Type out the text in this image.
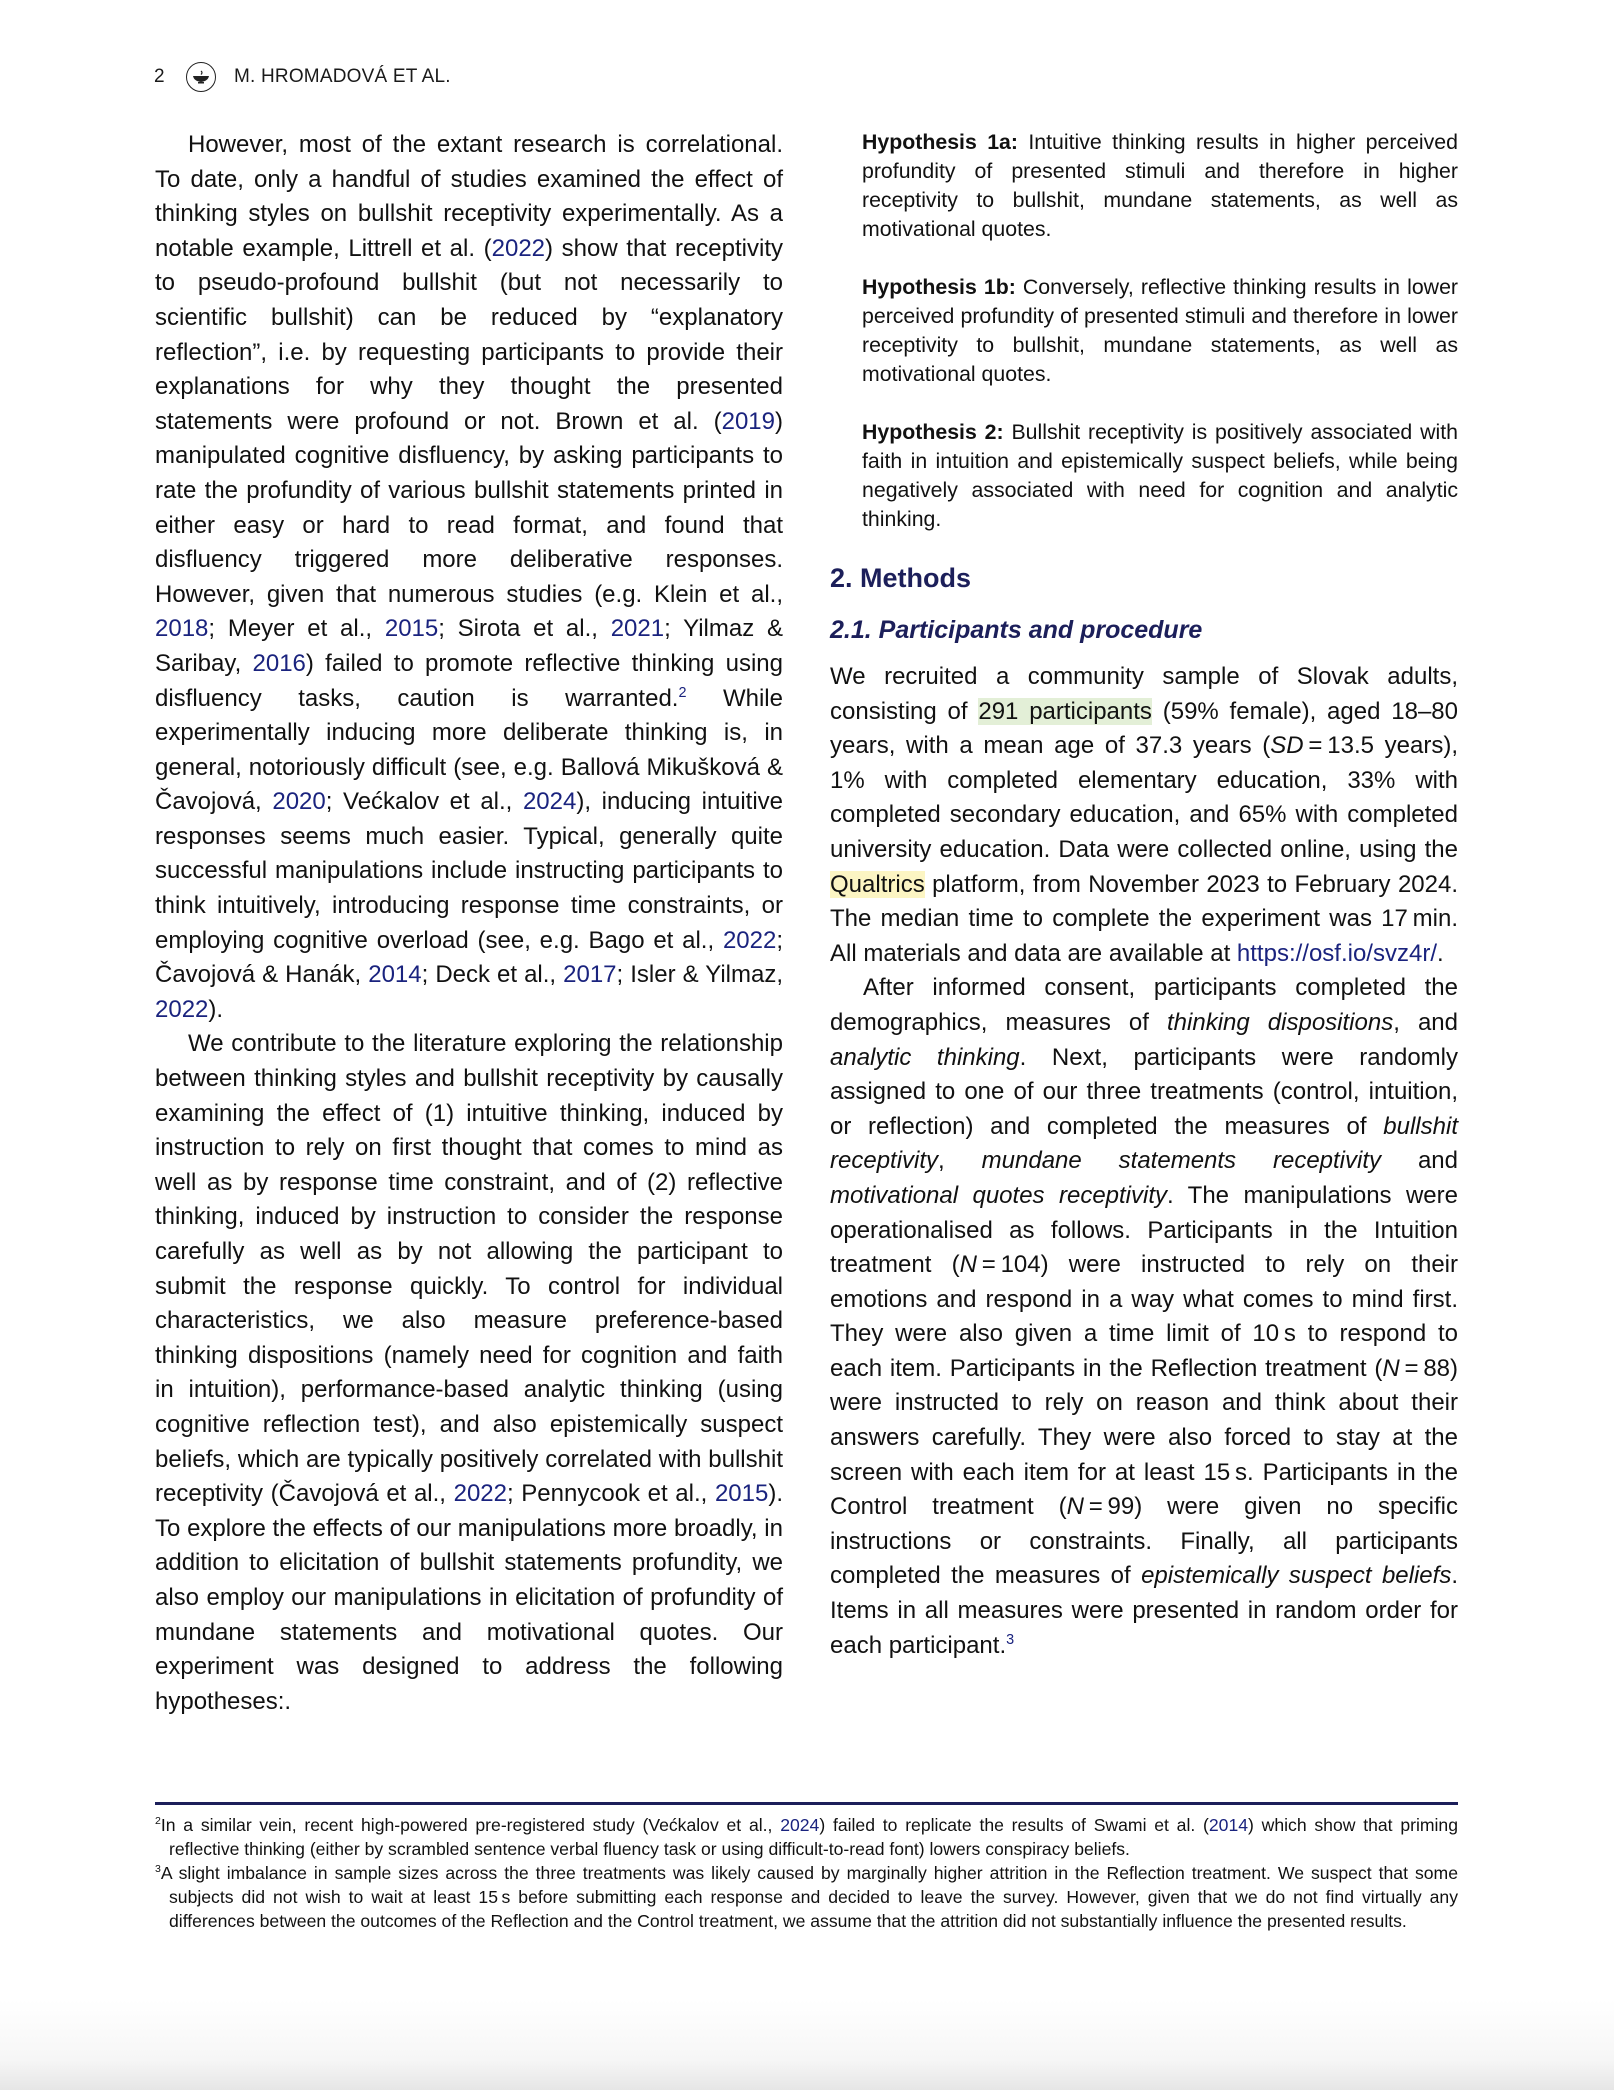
2	M. HROMADOVÁ ET AL.

However, most of the extant research is correlational. To date, only a handful of studies examined the effect of thinking styles on bullshit receptivity experimentally. As a notable example, Littrell et al. (2022) show that receptivity to pseudo-profound bullshit (but not necessarily to scientific bullshit) can be reduced by “explanatory reflection”, i.e. by requesting participants to provide their explanations for why they thought the presented statements were profound or not. Brown et al. (2019) manipulated cognitive disfluency, by asking participants to rate the profundity of various bullshit statements printed in either easy or hard to read format, and found that disfluency triggered more deliberative responses. However, given that numerous studies (e.g. Klein et al., 2018; Meyer et al., 2015; Sirota et al., 2021; Yilmaz & Saribay, 2016) failed to promote reflective thinking using disfluency tasks, caution is warranted.$^2$ While experimentally inducing more deliberate thinking is, in general, notoriously difficult (see, e.g. Ballová Mikušková & Čavojová, 2020; Većkalov et al., 2024), inducing intuitive responses seems much easier. Typical, generally quite successful manipulations include instructing participants to think intuitively, introducing response time constraints, or employing cognitive overload (see, e.g. Bago et al., 2022; Čavojová & Hanák, 2014; Deck et al., 2017; Isler & Yilmaz, 2022).

We contribute to the literature exploring the relationship between thinking styles and bullshit receptivity by causally examining the effect of (1) intuitive thinking, induced by instruction to rely on first thought that comes to mind as well as by response time constraint, and of (2) reflective thinking, induced by instruction to consider the response carefully as well as by not allowing the participant to submit the response quickly. To control for individual characteristics, we also measure preference-based thinking dispositions (namely need for cognition and faith in intuition), performance-based analytic thinking (using cognitive reflection test), and also epistemically suspect beliefs, which are typically positively correlated with bullshit receptivity (Čavojová et al., 2022; Pennycook et al., 2015). To explore the effects of our manipulations more broadly, in addition to elicitation of bullshit statements profundity, we also employ our manipulations in elicitation of profundity of mundane statements and motivational quotes. Our experiment was designed to address the following hypotheses:.

Hypothesis 1a: Intuitive thinking results in higher perceived profundity of presented stimuli and therefore in higher receptivity to bullshit, mundane statements, as well as motivational quotes.

Hypothesis 1b: Conversely, reflective thinking results in lower perceived profundity of presented stimuli and therefore in lower receptivity to bullshit, mundane statements, as well as motivational quotes.

Hypothesis 2: Bullshit receptivity is positively associated with faith in intuition and epistemically suspect beliefs, while being negatively associated with need for cognition and analytic thinking.

2. Methods
2.1. Participants and procedure

We recruited a community sample of Slovak adults, consisting of 291 participants (59% female), aged 18–80 years, with a mean age of 37.3 years (SD = 13.5 years), 1% with completed elementary education, 33% with completed secondary education, and 65% with completed university education. Data were collected online, using the Qualtrics platform, from November 2023 to February 2024. The median time to complete the experiment was 17 min. All materials and data are available at https://osf.io/svz4r/.

After informed consent, participants completed the demographics, measures of thinking dispositions, and analytic thinking. Next, participants were randomly assigned to one of our three treatments (control, intuition, or reflection) and completed the measures of bullshit receptivity, mundane statements receptivity and motivational quotes receptivity. The manipulations were operationalised as follows. Participants in the Intuition treatment (N = 104) were instructed to rely on their emotions and respond in a way what comes to mind first. They were also given a time limit of 10 s to respond to each item. Participants in the Reflection treatment (N = 88) were instructed to rely on reason and think about their answers carefully. They were also forced to stay at the screen with each item for at least 15 s. Participants in the Control treatment (N = 99) were given no specific instructions or constraints. Finally, all participants completed the measures of epistemically suspect beliefs. Items in all measures were presented in random order for each participant.$^3$

$^2$In a similar vein, recent high-powered pre-registered study (Većkalov et al., 2024) failed to replicate the results of Swami et al. (2014) which show that priming reflective thinking (either by scrambled sentence verbal fluency task or using difficult-to-read font) lowers conspiracy beliefs.

$^3$A slight imbalance in sample sizes across the three treatments was likely caused by marginally higher attrition in the Reflection treatment. We suspect that some subjects did not wish to wait at least 15 s before submitting each response and decided to leave the survey. However, given that we do not find virtually any differences between the outcomes of the Reflection and the Control treatment, we assume that the attrition did not substantially influence the presented results.
